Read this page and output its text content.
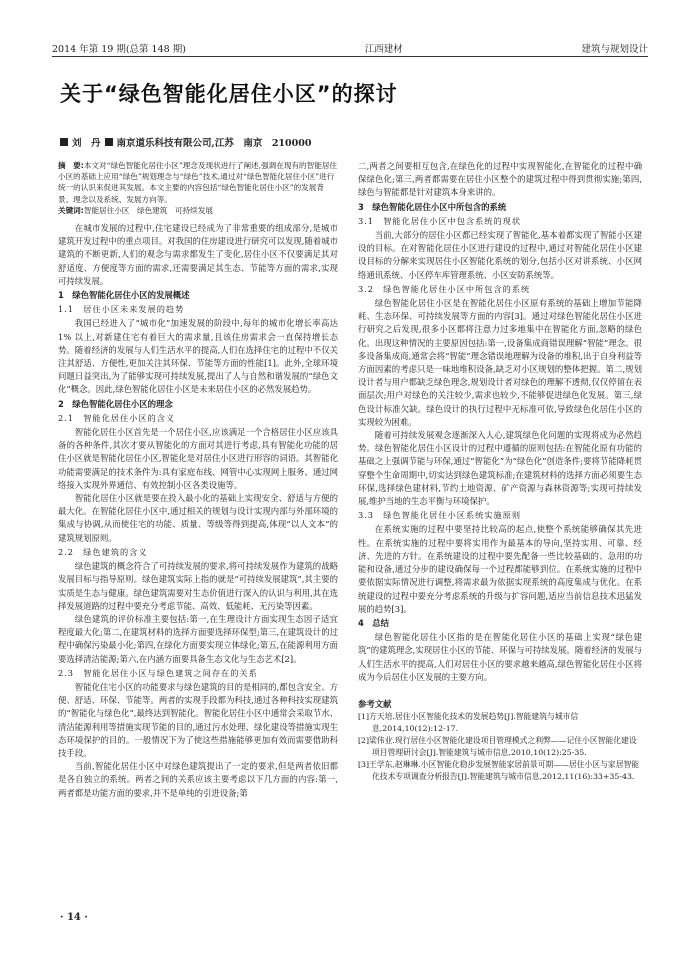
2014 年第 19 期(总第 148 期)	江西建材	建筑与规划设计
关于“绿色智能化居住小区”的探讨
刘　丹 南京道乐科技有限公司,江苏　南京　210000
摘　要:本文对“绿色智能化居住小区”理念及现状进行了阐述,强调在现有的智能居住小区的基础上应用“绿色”规划理念与“绿色”技术,通过对“绿色智能化居住小区”进行统一的认识来促进其发展。本文主要的内容包括“绿色智能化居住小区”的发展背景、理念以及系统、发展方向等。
关键词:智能居住小区　绿色建筑　可持续发展

在城市发展的过程中,住宅建设已经成为了非常重要的组成部分,是城市建筑开发过程中的重点项目。对我国的住房建设进行研究可以发现,随着城市建筑的不断更新,人们的观念与需求都发生了变化,居住小区不仅要满足其对舒适度、方便度等方面的需求,还需要满足其生态、节能等方面的需求,实现可持续发展。

1　绿色智能化居住小区的发展概述
1.1　居住小区未来发展的趋势

我国已经进入了“城市化”加速发展的阶段中,每年的城市化增长率高达 1% 以上,对新建住宅有着巨大的需求量,且该住房需求会一直保持增长态势。随着经济的发展与人们生活水平的提高,人们在选择住宅的过程中不仅关注其舒适、方便性,更加关注其环保、节能等方面的性能[1]。此外,全球环境问题日益突出,为了能够实现可持续发展,提出了人与自然和谐发展的“绿色文化”概念。因此,绿色智能化居住小区是未来居住小区的必然发展趋势。

2　绿色智能化居住小区的理念
2.1　智能化居住小区的含义

智能化居住小区首先是一个居住小区,应该满足一个合格居住小区应该具备的各种条件,其次才要从智能化的方面对其进行考虑,具有智能化功能的居住小区就是智能化居住小区,智能化是对居住小区进行形容的词语。其智能化功能需要满足的技术条件为:具有家庭布线、网管中心实现网上服务、通过网络接入实现外界通信、有效控制小区各类设施等。

智能化居住小区就是要在投入最小化的基础上实现安全、舒适与方便的最大化。在智能化居住小区中,通过相关的规划与设计实现内部与外部环境的集成与协调,从而使住宅的功能、质量、等级等得到提高,体现“以人文本”的建筑规划原则。

2.2　绿色建筑的含义

绿色建筑的概念符合了可持续发展的要求,将可持续发展作为建筑的战略发展目标与指导原则。绿色建筑实际上指的就是“可持续发展建筑”,其主要的实质是生态与健康。绿色建筑需要对生态价值进行深入的认识与利用,其在选择发展道路的过程中要充分考虑节能、高效、低能耗、无污染等因素。

绿色建筑的评价标准主要包括:第一,在生理设计方面实现生态因子适宜程度最大化;第二,在建筑材料的选择方面要选择环保型;第三,在建筑设计的过程中确保污染最小化;第四,在绿化方面要实现立体绿化;第五,在能源利用方面要选择清洁能源;第六,在内涵方面要具备生态文化与生态艺术[2]。

2.3　智能化居住小区与绿色建筑之间存在的关系

智能化住宅小区的功能要求与绿色建筑的目的是相同的,都包含安全、方便、舒适、环保、节能等。两者的实现手段都为科技,通过各种科技实现建筑的“智能化与绿色化”,最终达到智能化。智能化居住小区中通常会采取节水、清洁能源利用等措施实现节能的目的,通过污水处理、绿化建设等措施实现生态环境保护的目的。一般情况下为了使这些措施能够更加有效而需要借助科技手段。

当前,智能化居住小区中对绿色建筑提出了一定的要求,但是两者依旧都是各自独立的系统。两者之间的关系应该主要考虑以下几方面的内容:第一,两者都是功能方面的要求,并不是单纯的引进设备;第

二,两者之间要相互包含,在绿色化的过程中实现智能化,在智能化的过程中确保绿色化;第三,两者都需要在居住小区整个的建筑过程中得到贯彻实施;第四,绿色与智能都是针对建筑本身来讲的。

3　绿色智能化居住小区中所包含的系统
3.1　智能化居住小区中包含系统的现状

当前,大部分的居住小区都已经实现了智能化,基本着都实现了智能小区建设的目标。在对智能化居住小区进行建设的过程中,通过对智能化居住小区建设目标的分解来实现居住小区智能化系统的划分,包括小区对讲系统、小区网络通讯系统、小区停车库管理系统、小区安防系统等。

3.2　绿色智能化居住小区中所包含的系统

绿色智能化居住小区是在智能化居住小区原有系统的基础上增加节能降耗、生态环保、可持续发展等方面的内容[3]。通过对绿色智能化居住小区进行研究之后发现,很多小区都将注意力过多地集中在智能化方面,忽略的绿色化。出现这种情况的主要原因包括:第一,设备集成商错误理解“智能”理念。很多设备集成商,通常会将“智能”理念错误地理解为设备的堆积,出于自身利益等方面因素的考虑只是一味地堆积设备,缺乏对小区规划的整体把握。第二,规划设计者与用户都缺乏绿色理念,规划设计者对绿色的理解不透彻,仅仅停留在表面层次;用户对绿色的关注较少,需求也较少,不能够促进绿色化发展。第三,绿色设计标准欠缺。绿色设计的执行过程中无标准可依,导致绿色化居住小区的实现较为困难。

随着可持续发展观念逐渐深入人心,建筑绿色化问题的实现将成为必然趋势。绿色智能化居住小区设计的过程中遵循的原则包括:在智能化原有功能的基础之上强调节能与环保,通过“智能化”为“绿色化”创造条件;要将节能降耗贯穿整个生命周期中,切实达到绿色建筑标准;在建筑材料的选择方面必须要生态环保,选择绿色建材料,节约土地资源、矿产资源与森林资源等;实现可持续发展,维护当地的生态平衡与环境保护。

3.3　绿色智能化居住小区系统实施原则

在系统实施的过程中要坚持比较高的起点,使整个系统能够确保其先进性。在系统实施的过程中要将实用作为最基本的导向,坚持实用、可靠、经济、先进的方针。在系统建设的过程中要先配备一些比较基础的、急用的功能和设备,通过分步的建设确保每一个过程都能够到位。在系统实施的过程中要依据实际情况进行调整,将需求最为依据实现系统的高度集成与优化。在系统建设的过程中要充分考虑系统的升级与扩容问题,适应当前信息技术迅猛发展的趋势[3]。

4　总结

绿色智能化居住小区指的是在智能化居住小区的基础上实现“绿色建筑”的建筑理念,实现居住小区的节能、环保与可持续发展。随着经济的发展与人们生活水平的提高,人们对居住小区的要求越来越高,绿色智能化居住小区将成为今后居住小区发展的主要方向。

参考文献
[1]方天培.居住小区智能化技术的发展趋势[J].智能建筑与城市信息,2014,10(12):12-17.
[2]梁伟业.现行居住小区智能化建设项目管理模式之利弊——记住小区智能化建设项目管理研讨会[J].智能建筑与城市信息,2010,10(12):25-35.
[3]王学东,赵琳琳.小区智能化稳步发展智能家居前景可期——居住小区与家居智能化技术专项调查分析报告[J].智能建筑与城市信息,2012,11(16):33+35-43.
· 14 ·
